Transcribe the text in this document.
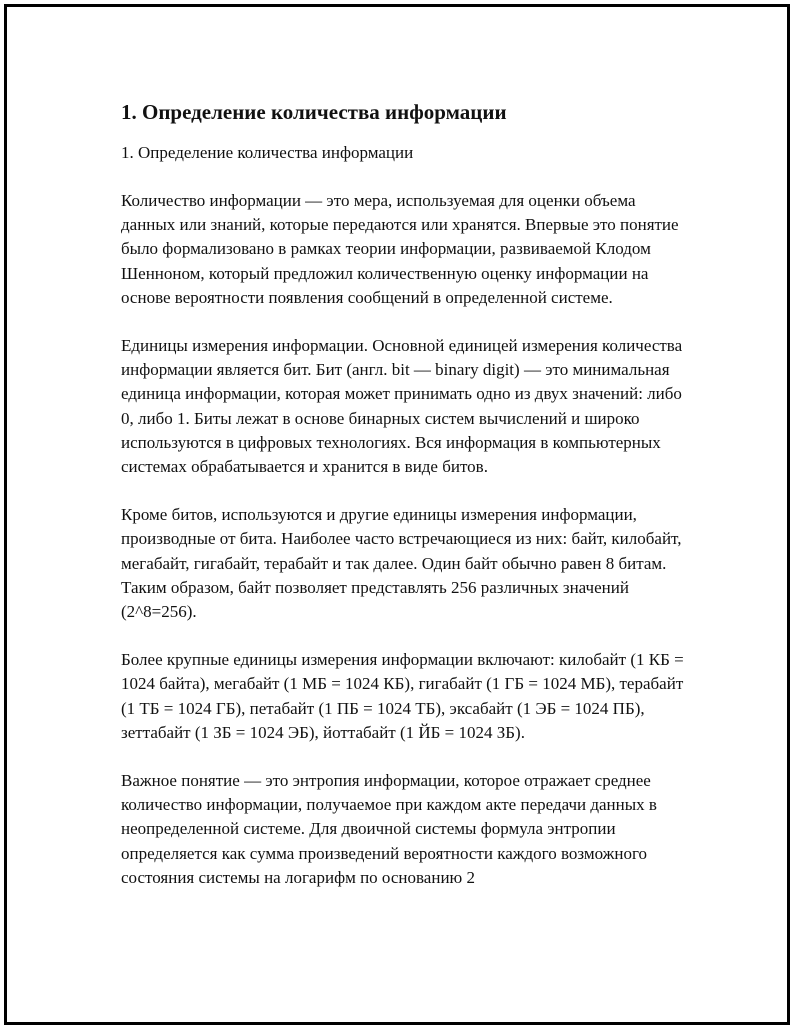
1. Определение количества информации
1. Определение количества информации

Количество информации — это мера, используемая для оценки объема данных или знаний, которые передаются или хранятся. Впервые это понятие было формализовано в рамках теории информации, развиваемой Клодом Шенноном, который предложил количественную оценку информации на основе вероятности появления сообщений в определенной системе.

Единицы измерения информации. Основной единицей измерения количества информации является бит. Бит (англ. bit — binary digit) — это минимальная единица информации, которая может принимать одно из двух значений: либо 0, либо 1. Биты лежат в основе бинарных систем вычислений и широко используются в цифровых технологиях. Вся информация в компьютерных системах обрабатывается и хранится в виде битов.

Кроме битов, используются и другие единицы измерения информации, производные от бита. Наиболее часто встречающиеся из них: байт, килобайт, мегабайт, гигабайт, терабайт и так далее. Один байт обычно равен 8 битам. Таким образом, байт позволяет представлять 256 различных значений (2^8=256).

Более крупные единицы измерения информации включают: килобайт (1 КБ = 1024 байта), мегабайт (1 МБ = 1024 КБ), гигабайт (1 ГБ = 1024 МБ), терабайт (1 ТБ = 1024 ГБ), петабайт (1 ПБ = 1024 ТБ), эксабайт (1 ЭБ = 1024 ПБ), зеттабайт (1 ЗБ = 1024 ЭБ), йоттабайт (1 ЙБ = 1024 ЗБ).

Важное понятие — это энтропия информации, которое отражает среднее количество информации, получаемое при каждом акте передачи данных в неопределенной системе. Для двоичной системы формула энтропии определяется как сумма произведений вероятности каждого возможного состояния системы на логарифм по основанию 2
